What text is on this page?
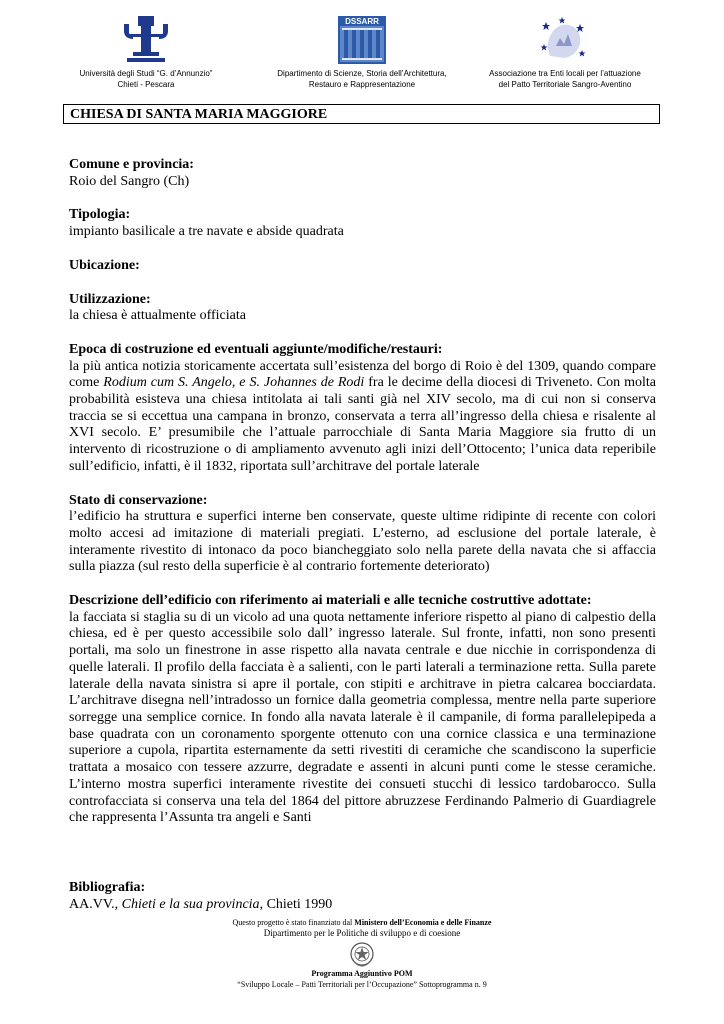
Università degli Studi “G. d’Annunzio”
Chieti - Pescara
DSSARR
Dipartimento di Scienze, Storia dell’Architettura,
Restauro e Rappresentazione
Associazione tra Enti locali per l’attuazione
del Patto Territoriale Sangro-Aventino
CHIESA DI SANTA MARIA MAGGIORE
Comune e provincia:

Roio del Sangro (Ch)

Tipologia:

impianto basilicale a tre navate e abside quadrata

Ubicazione:
Utilizzazione:

la chiesa è attualmente officiata

Epoca di costruzione ed eventuali aggiunte/modifiche/restauri:

la più antica notizia storicamente accertata sull’esistenza del borgo di Roio è del 1309, quando compare come Rodium cum S. Angelo, e S. Johannes de Rodi fra le decime della diocesi di Triveneto. Con molta probabilità esisteva una chiesa intitolata ai tali santi già nel XIV secolo, ma di cui non si conserva traccia se si eccettua una campana in bronzo, conservata a terra all’ingresso della chiesa e risalente al XVI secolo. E’ presumibile che l’attuale parrocchiale di Santa Maria Maggiore sia frutto di un intervento di ricostruzione o di ampliamento avvenuto agli inizi dell’Ottocento; l’unica data reperibile sull’edificio, infatti, è il 1832, riportata sull’architrave del portale laterale

Stato di conservazione:

l’edificio ha struttura e superfici interne ben conservate, queste ultime ridipinte di recente con colori molto accesi ad imitazione di materiali pregiati. L’esterno, ad esclusione del portale laterale, è interamente rivestito di intonaco da poco biancheggiato solo nella parete della navata che si affaccia sulla piazza (sul resto della superficie è al contrario fortemente deteriorato)

Descrizione dell’edificio con riferimento ai materiali e alle tecniche costruttive adottate:

la facciata si staglia su di un vicolo ad una quota nettamente inferiore rispetto al piano di calpestio della chiesa, ed è per questo accessibile solo dall’ ingresso laterale. Sul fronte, infatti, non sono presenti portali, ma solo un finestrone in asse rispetto alla navata centrale e due nicchie in corrispondenza di quelle laterali. Il profilo della facciata è a salienti, con le parti laterali a terminazione retta. Sulla parete laterale della navata sinistra si apre il portale, con stipiti e architrave in pietra calcarea bocciardata. L’architrave disegna nell’intradosso un fornice dalla geometria complessa, mentre nella parte superiore sorregge una semplice cornice. In fondo alla navata laterale è il campanile, di forma parallelepipeda a base quadrata con un coronamento sporgente ottenuto con una cornice classica e una terminazione superiore a cupola, ripartita esternamente da setti rivestiti di ceramiche che scandiscono la superficie trattata a mosaico con tessere azzurre, degradate e assenti in alcuni punti come le stesse ceramiche. L’interno mostra superfici interamente rivestite dei consueti stucchi di lessico tardobarocco. Sulla controfacciata si conserva una tela del 1864 del pittore abruzzese Ferdinando Palmerio di Guardiagrele che rappresenta l’Assunta tra angeli e Santi

Bibliografia:

AA.VV., Chieti e la sua provincia, Chieti 1990

Questo progetto è stato finanziato dal Ministero dell’Economia e delle Finanze
Dipartimento per le Politiche di sviluppo e di coesione
Programma Aggiuntivo POM
“Sviluppo Locale – Patti Territoriali per l’Occupazione” Sottoprogramma n. 9
